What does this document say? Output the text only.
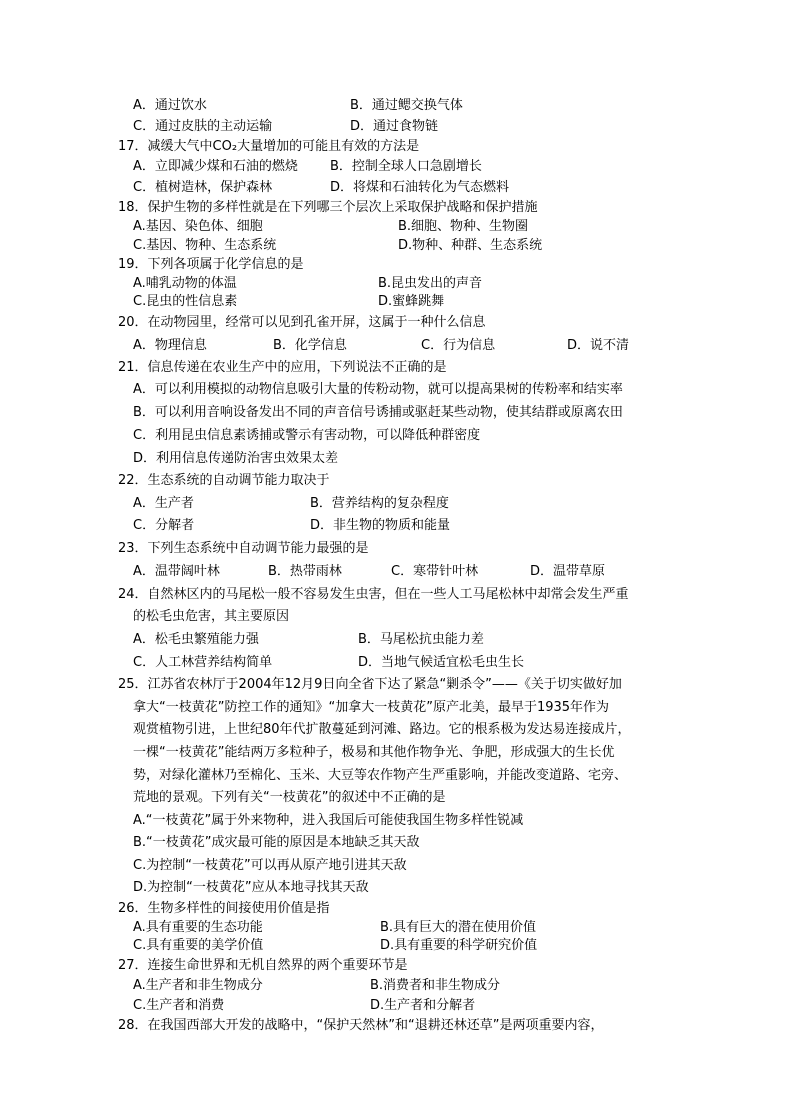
A．通过饮水	B．通过鳃交换气体
C．通过皮肤的主动运输	D．通过食物链
17．减缓大气中CO₂大量增加的可能且有效的方法是
A．立即减少煤和石油的燃烧 B．控制全球人口急剧增长
C．植树造林，保护森林	D．将煤和石油转化为气态燃料
18．保护生物的多样性就是在下列哪三个层次上采取保护战略和保护措施
A.基因、染色体、细胞	B.细胞、物种、生物圈
C.基因、物种、生态系统	D.物种、种群、生态系统
19．下列各项属于化学信息的是
A.哺乳动物的体温	B.昆虫发出的声音
C.昆虫的性信息素	D.蜜蜂跳舞
20．在动物园里，经常可以见到孔雀开屏，这属于一种什么信息
A．物理信息	B．化学信息	C．行为信息	D．说不清
21．信息传递在农业生产中的应用，下列说法不正确的是
A．可以利用模拟的动物信息吸引大量的传粉动物，就可以提高果树的传粉率和结实率
B．可以利用音响设备发出不同的声音信号诱捕或驱赶某些动物，使其结群或原离农田
C．利用昆虫信息素诱捕或警示有害动物，可以降低种群密度
D．利用信息传递防治害虫效果太差
22．生态系统的自动调节能力取决于
A．生产者	B．营养结构的复杂程度
C．分解者	D．非生物的物质和能量
23．下列生态系统中自动调节能力最强的是
A．温带阔叶林	B．热带雨林	C．寒带针叶林	D．温带草原
24．自然林区内的马尾松一般不容易发生虫害，但在一些人工马尾松林中却常会发生严重
的松毛虫危害，其主要原因
A．松毛虫繁殖能力强	B．马尾松抗虫能力差
C．人工林营养结构简单	D．当地气候适宜松毛虫生长
25．江苏省农林厅于2004年12月9日向全省下达了紧急“剿杀令”——《关于切实做好加
拿大“一枝黄花”防控工作的通知》“加拿大一枝黄花”原产北美，最早于1935年作为
观赏植物引进，上世纪80年代扩散蔓延到河滩、路边。它的根系极为发达易连接成片，
一棵“一枝黄花”能结两万多粒种子，极易和其他作物争光、争肥，形成强大的生长优
势，对绿化灌林乃至棉化、玉米、大豆等农作物产生严重影响，并能改变道路、宅旁、
荒地的景观。下列有关“一枝黄花”的叙述中不正确的是
A.“一枝黄花”属于外来物种，进入我国后可能使我国生物多样性锐减
B.“一枝黄花”成灾最可能的原因是本地缺乏其天敌
C.为控制“一枝黄花”可以再从原产地引进其天敌
D.为控制“一枝黄花”应从本地寻找其天敌
26．生物多样性的间接使用价值是指
A.具有重要的生态功能	B.具有巨大的潜在使用价值
C.具有重要的美学价值	D.具有重要的科学研究价值
27．连接生命世界和无机自然界的两个重要环节是
A.生产者和非生物成分	B.消费者和非生物成分
C.生产者和消费	D.生产者和分解者
28．在我国西部大开发的战略中，“保护天然林”和“退耕还林还草”是两项重要内容，
